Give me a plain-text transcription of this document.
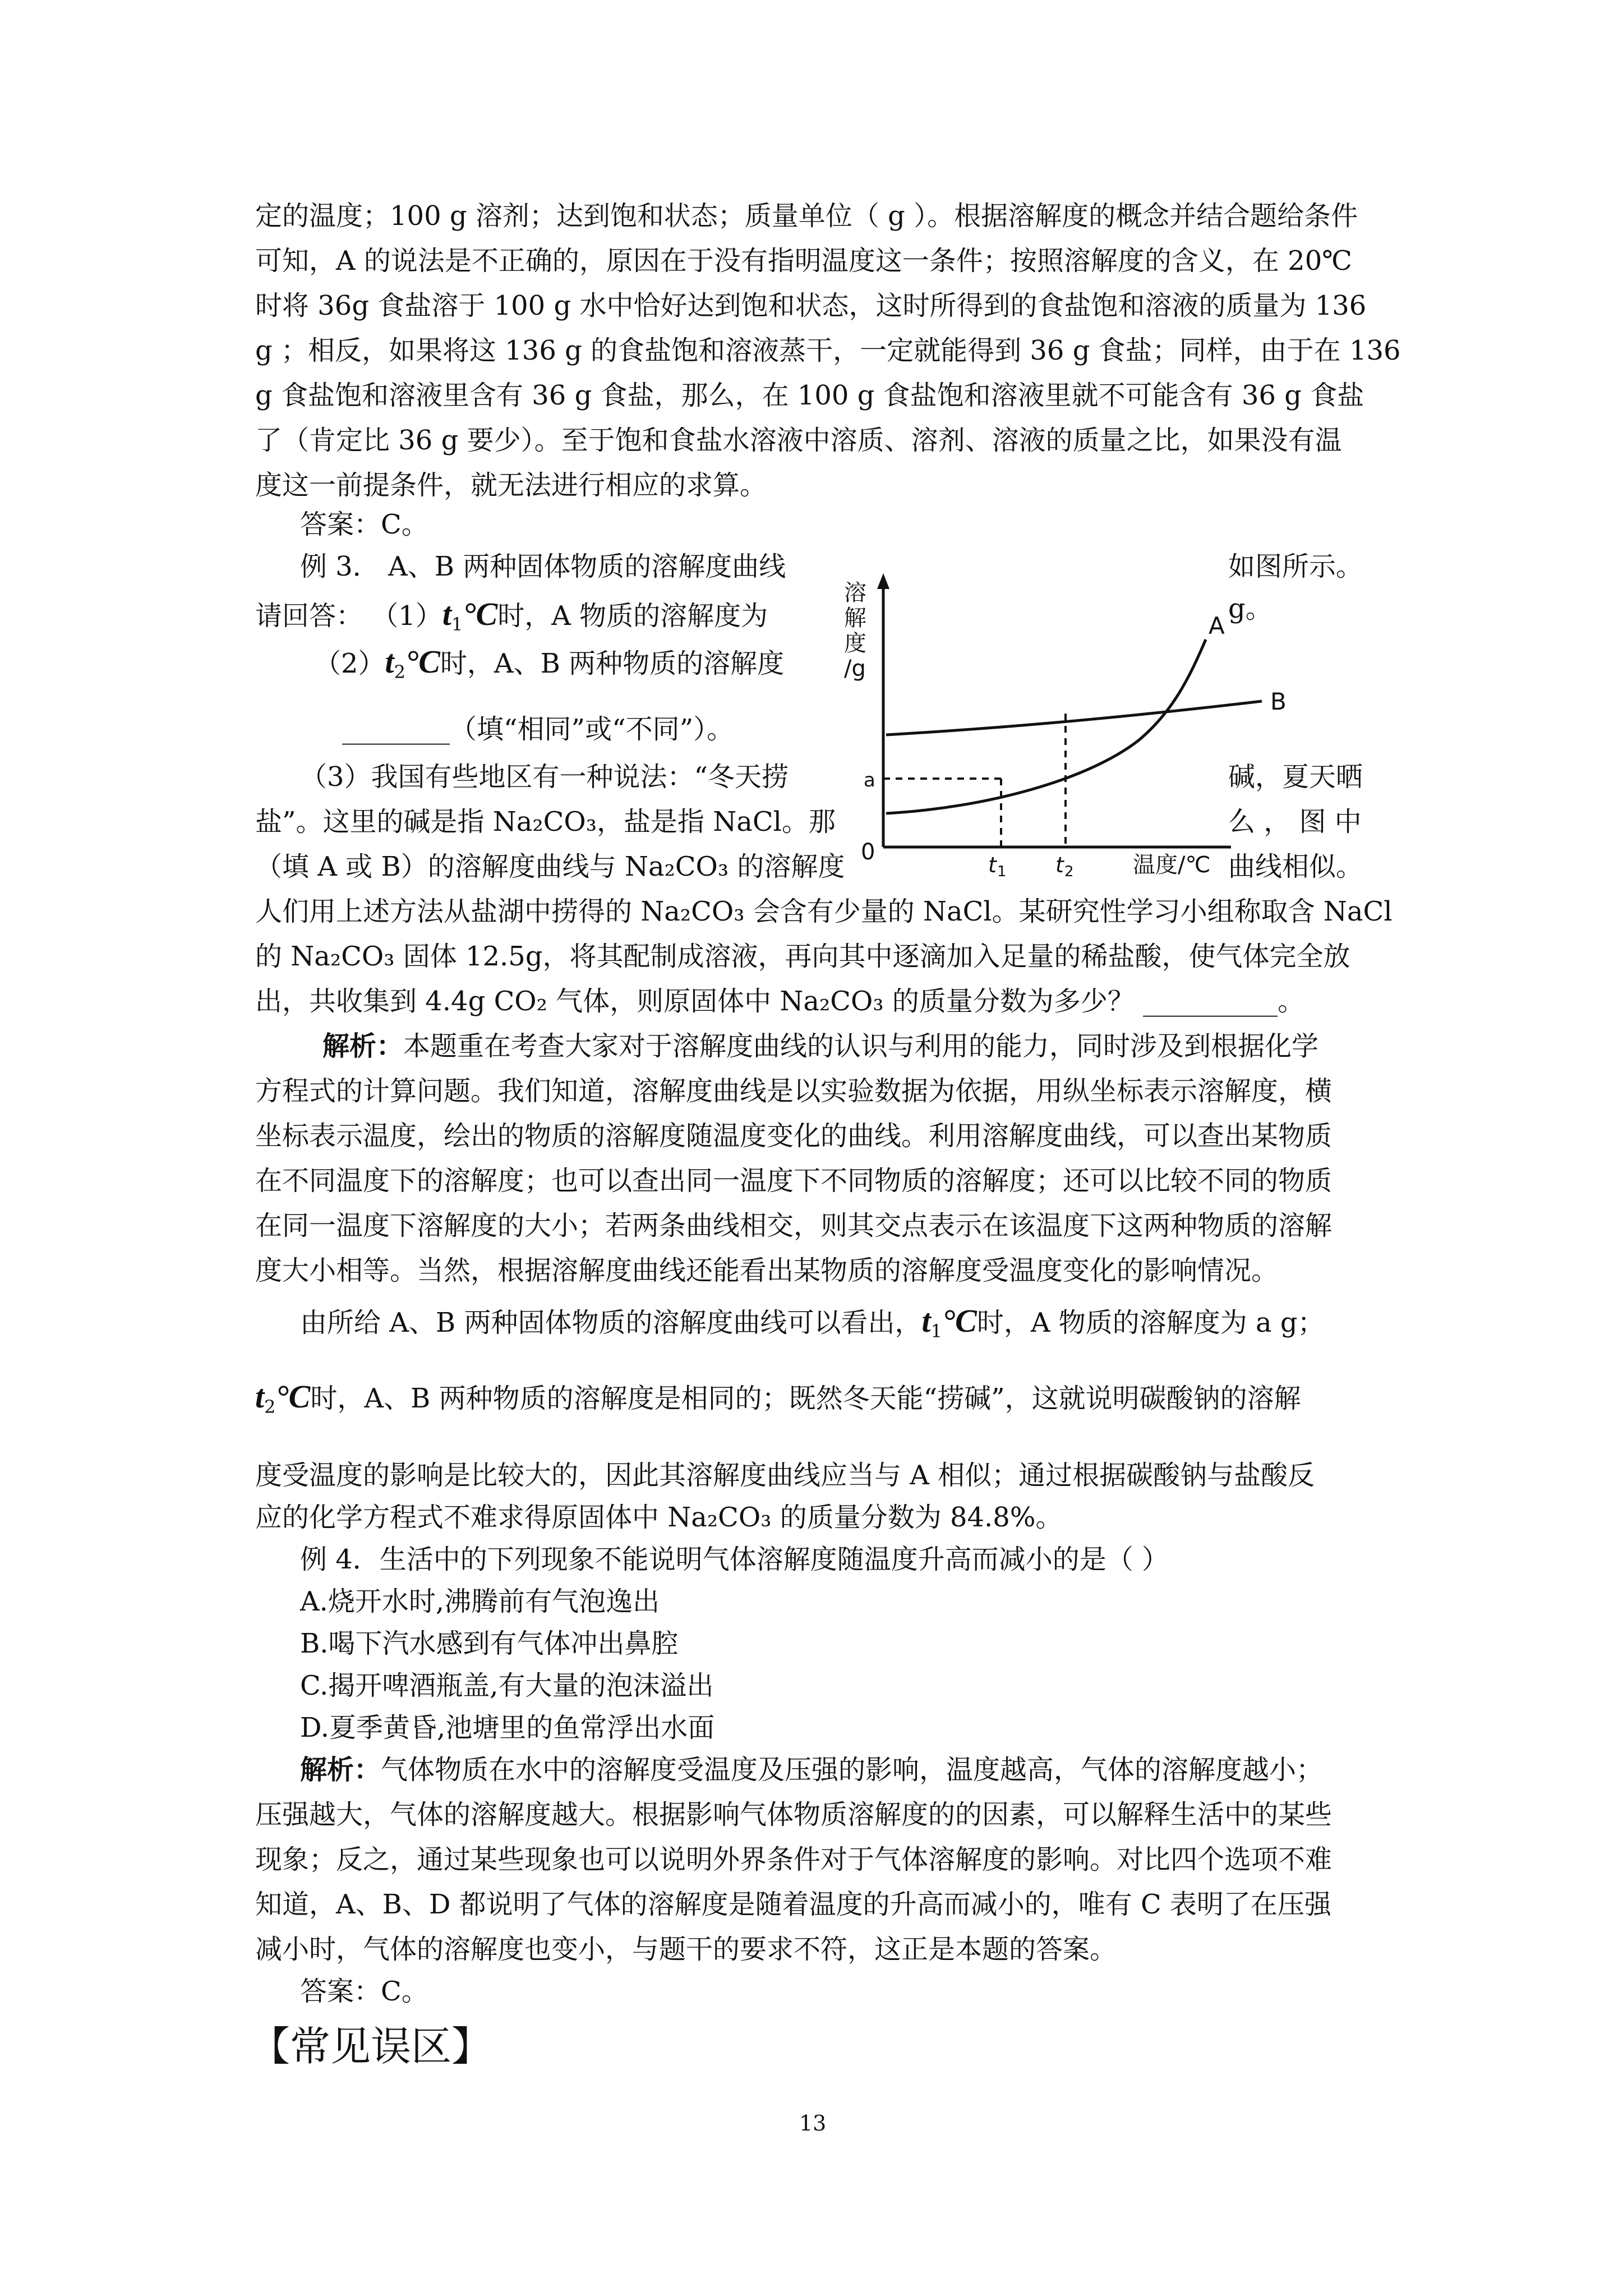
定的温度；100 g 溶剂；达到饱和状态；质量单位（ g ）。根据溶解度的概念并结合题给条件
可知，A 的说法是不正确的，原因在于没有指明温度这一条件；按照溶解度的含义，在 20℃
时将 36g 食盐溶于 100 g 水中恰好达到饱和状态，这时所得到的食盐饱和溶液的质量为 136
g ；相反，如果将这 136 g 的食盐饱和溶液蒸干，一定就能得到 36 g 食盐；同样，由于在 136
g 食盐饱和溶液里含有 36 g 食盐，那么，在 100 g 食盐饱和溶液里就不可能含有 36 g 食盐
了（肯定比 36 g 要少）。至于饱和食盐水溶液中溶质、溶剂、溶液的质量之比，如果没有温
度这一前提条件，就无法进行相应的求算。
答案：C。
例 3． A、B 两种固体物质的溶解度曲线	如图所示。
请回答： $(1)t_1^\circ C$时，A 物质的溶解度为	g。
$(2)t_2^\circ C$时，A、B 两种物质的溶解度
________（填“相同”或“不同”）。
（3）我国有些地区有一种说法：“冬天捞	碱，夏天晒
盐”。这里的碱是指 Na₂CO₃，盐是指 NaCl。那	么 ， 图 中
（填 A 或 B）的溶解度曲线与 Na₂CO₃ 的溶解度	曲线相似。
人们用上述方法从盐湖中捞得的 Na₂CO₃ 会含有少量的 NaCl。某研究性学习小组称取含 NaCl
的 Na₂CO₃ 固体 12.5g，将其配制成溶液，再向其中逐滴加入足量的稀盐酸，使气体完全放
出，共收集到 4.4g CO₂ 气体，则原固体中 Na₂CO₃ 的质量分数为多少？ __________。
溶
解
度
/g
A
B
a
0	t 1 t 2	温度/℃
解析：本题重在考查大家对于溶解度曲线的认识与利用的能力，同时涉及到根据化学
方程式的计算问题。我们知道，溶解度曲线是以实验数据为依据，用纵坐标表示溶解度，横
坐标表示温度，绘出的物质的溶解度随温度变化的曲线。利用溶解度曲线，可以查出某物质
在不同温度下的溶解度；也可以查出同一温度下不同物质的溶解度；还可以比较不同的物质
在同一温度下溶解度的大小；若两条曲线相交，则其交点表示在该温度下这两种物质的溶解
度大小相等。当然，根据溶解度曲线还能看出某物质的溶解度受温度变化的影响情况。
由所给 A、B 两种固体物质的溶解度曲线可以看出，$t_1^\circ C$时，A 物质的溶解度为 a g；
$t_2^\circ C$时，A、B 两种物质的溶解度是相同的；既然冬天能“捞碱”，这就说明碳酸钠的溶解
度受温度的影响是比较大的，因此其溶解度曲线应当与 A 相似；通过根据碳酸钠与盐酸反
应的化学方程式不难求得原固体中 Na₂CO₃ 的质量分数为 84.8%。
例 4．生活中的下列现象不能说明气体溶解度随温度升高而减小的是（ ）
A.烧开水时,沸腾前有气泡逸出
B.喝下汽水感到有气体冲出鼻腔
C.揭开啤酒瓶盖,有大量的泡沫溢出
D.夏季黄昏,池塘里的鱼常浮出水面
解析：气体物质在水中的溶解度受温度及压强的影响，温度越高，气体的溶解度越小；
压强越大，气体的溶解度越大。根据影响气体物质溶解度的的因素，可以解释生活中的某些
现象；反之，通过某些现象也可以说明外界条件对于气体溶解度的影响。对比四个选项不难
知道，A、B、D 都说明了气体的溶解度是随着温度的升高而减小的，唯有 C 表明了在压强
减小时，气体的溶解度也变小，与题干的要求不符，这正是本题的答案。
答案：C。
【常见误区】
13
